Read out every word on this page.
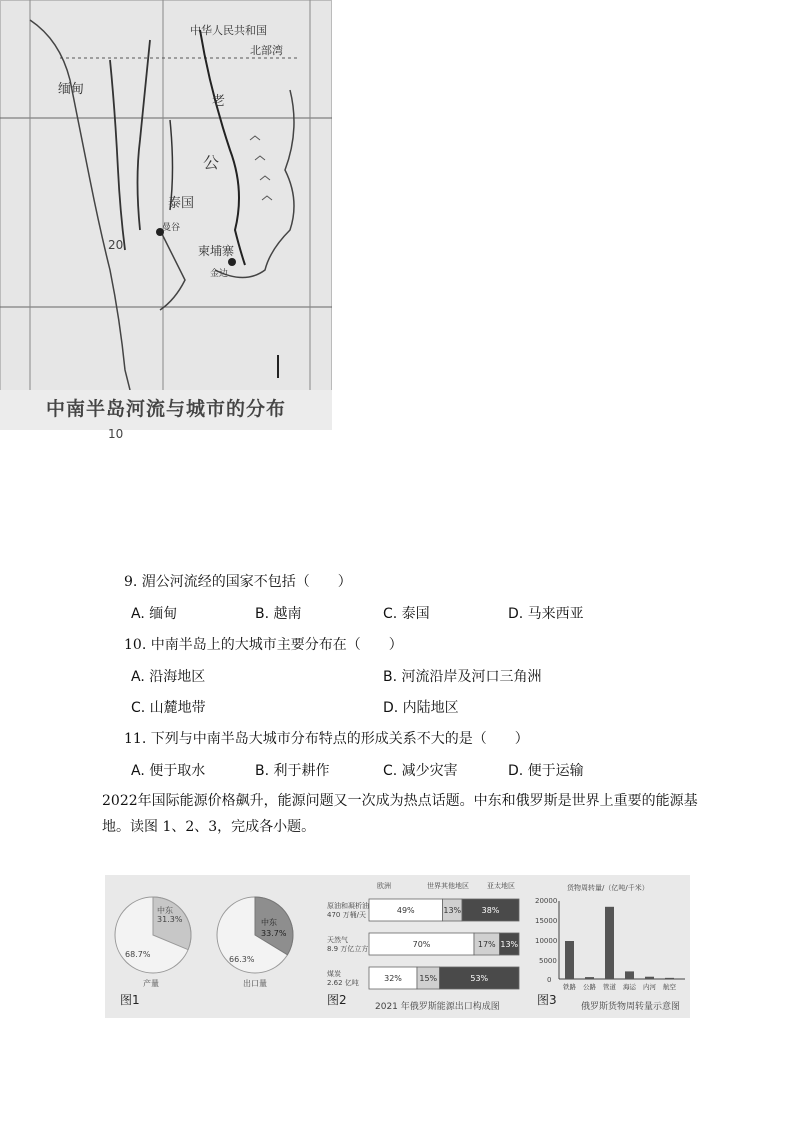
中华人民共和国
北部湾
缅甸
老
公
泰国
柬埔寨
曼谷
金边
中南半岛河流与城市的分布
20
10
9. 湄公河流经的国家不包括（　　）
A. 缅甸	B. 越南	C. 泰国	D. 马来西亚
10. 中南半岛上的大城市主要分布在（　　）
A. 沿海地区	B. 河流沿岸及河口三角洲
C. 山麓地带	D. 内陆地区
11. 下列与中南半岛大城市分布特点的形成关系不大的是（　　）
A. 便于取水	B. 利于耕作	C. 减少灾害	D. 便于运输
2022年国际能源价格飙升，能源问题又一次成为热点话题。中东和俄罗斯是世界上重要的能源基
地。读图 1、2、3，完成各小题。
中东
31.3%
68.7%
产量
中东
33.7%
66.3%
出口量
图1
欧洲	世界其他地区	亚太地区
原油和凝析油
470 万桶/天
天然气
8.9 万亿立方
煤炭
2.62 亿吨
49%	13%	38%
70%	17% 13%
32% 15%	53%
图2	2021 年俄罗斯能源出口构成图
货物周转量/（亿吨/千米）
20000
15000
10000
5000
0
铁路 公路 管道 海运 内河 航空
图3	俄罗斯货物周转量示意图
